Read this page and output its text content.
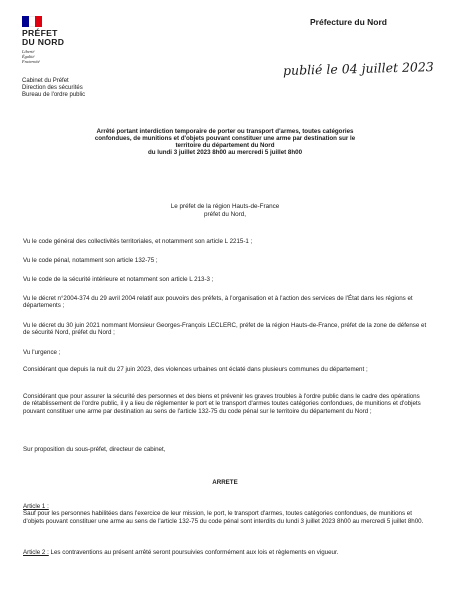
PRÉFET
DU NORD
Liberté
Égalité
Fraternité
Préfecture du Nord
publié le 04 juillet 2023
Cabinet du Préfet
Direction des sécurités
Bureau de l'ordre public
Arrêté portant interdiction temporaire de porter ou transport d'armes, toutes catégories
confondues, de munitions et d'objets pouvant constituer une arme par destination sur le
territoire du département du Nord
du lundi 3 juillet 2023 8h00 au mercredi 5 juillet 8h00
Le préfet de la région Hauts-de-France
préfet du Nord,
Vu le code général des collectivités territoriales, et notamment son article L 2215-1 ;
Vu le code pénal, notamment son article 132-75 ;
Vu le code de la sécurité intérieure et notamment son article L 213-3 ;
Vu le décret n°2004-374 du 29 avril 2004 relatif aux pouvoirs des préfets, à l'organisation et à l'action des services de l'État dans les régions et départements ;
Vu le décret du 30 juin 2021 nommant Monsieur Georges-François LECLERC, préfet de la région Hauts-de-France, préfet de la zone de défense et de sécurité Nord, préfet du Nord ;
Vu l'urgence ;
Considérant que depuis la nuit du 27 juin 2023, des violences urbaines ont éclaté dans plusieurs communes du département ;
Considérant que pour assurer la sécurité des personnes et des biens et prévenir les graves troubles à l'ordre public dans le cadre des opérations de rétablissement de l'ordre public, il y a lieu de réglementer le port et le transport d'armes toutes catégories confondues, de munitions et d'objets pouvant constituer une arme par destination au sens de l'article 132-75 du code pénal sur le territoire du département du Nord ;
Sur proposition du sous-préfet, directeur de cabinet,
ARRETE
Article 1 :
Sauf pour les personnes habilitées dans l'exercice de leur mission, le port, le transport d'armes, toutes catégories confondues, de munitions et d'objets pouvant constituer une arme au sens de l'article 132-75 du code pénal sont interdits du lundi 3 juillet 2023 8h00 au mercredi 5 juillet 8h00.
Article 2 : Les contraventions au présent arrêté seront poursuivies conformément aux lois et règlements en vigueur.
